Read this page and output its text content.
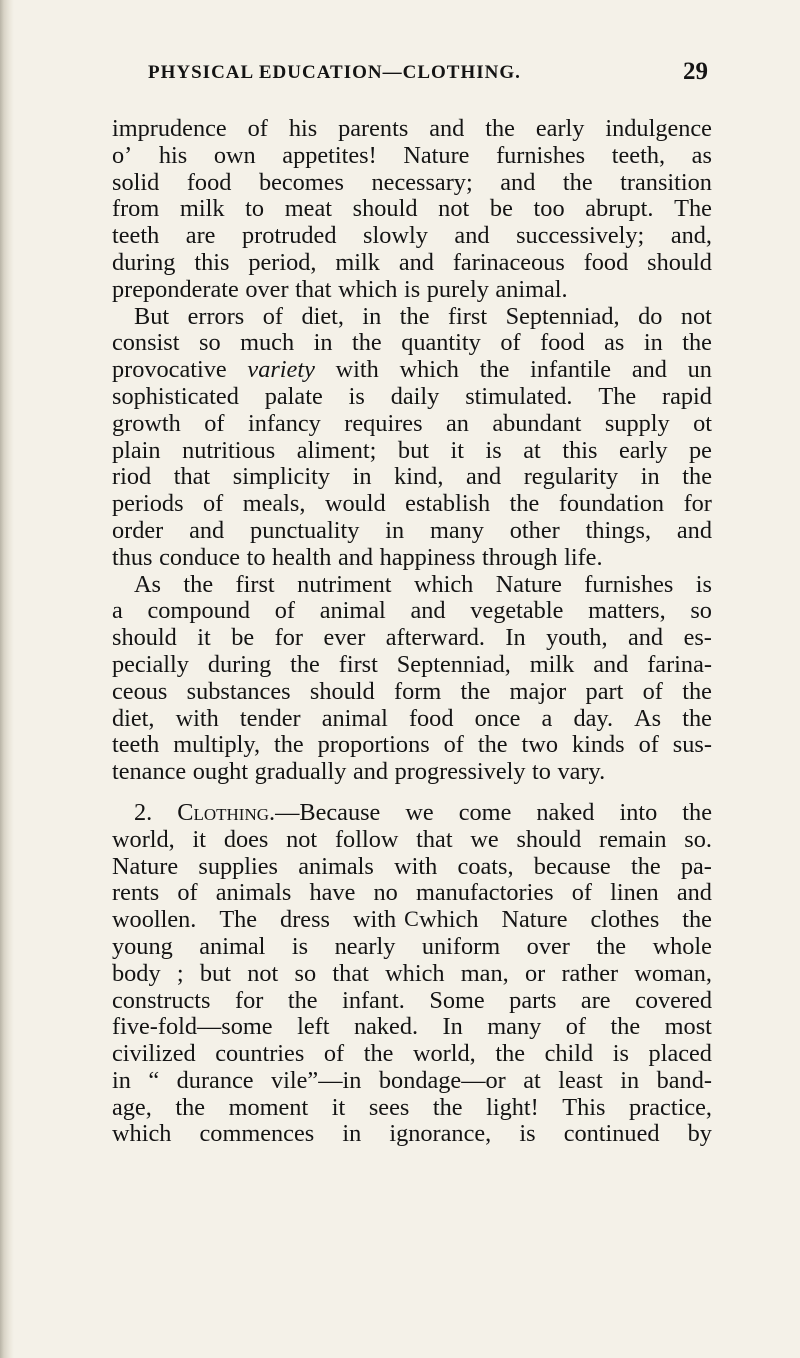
PHYSICAL EDUCATION—CLOTHING.	29
imprudence of his parents and the early indulgence
oʼ his own appetites! Nature furnishes teeth, as
solid food becomes necessary; and the transition
from milk to meat should not be too abrupt. The
teeth are protruded slowly and successively; and,
during this period, milk and farinaceous food should
preponderate over that which is purely animal.
But errors of diet, in the first Septenniad, do not
consist so much in the quantity of food as in the
provocative variety with which the infantile and un
sophisticated palate is daily stimulated. The rapid
growth of infancy requires an abundant supply ot
plain nutritious aliment; but it is at this early pe
riod that simplicity in kind, and regularity in the
periods of meals, would establish the foundation for
order and punctuality in many other things, and
thus conduce to health and happiness through life.
As the first nutriment which Nature furnishes is
a compound of animal and vegetable matters, so
should it be for ever afterward. In youth, and es-
pecially during the first Septenniad, milk and farina-
ceous substances should form the major part of the
diet, with tender animal food once a day. As the
teeth multiply, the proportions of the two kinds of sus-
tenance ought gradually and progressively to vary.
2. Clothing.—Because we come naked into the
world, it does not follow that we should remain so.
Nature supplies animals with coats, because the pa-
rents of animals have no manufactories of linen and
woollen. The dress with which Nature clothes the
young animal is nearly uniform over the whole
body ; but not so that which man, or rather woman,
constructs for the infant. Some parts are covered
five-fold—some left naked. In many of the most
civilized countries of the world, the child is placed
in “ durance vile”—in bondage—or at least in band-
age, the moment it sees the light! This practice,
which commences in ignorance, is continued by
C
